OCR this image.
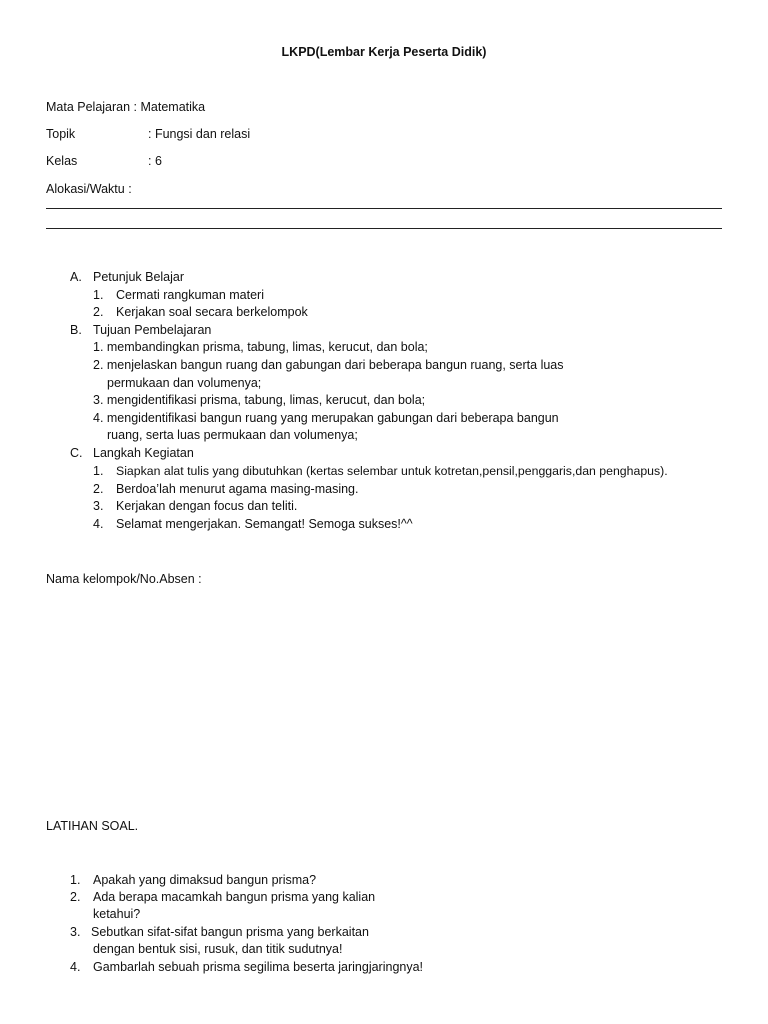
LKPD(Lembar Kerja Peserta Didik)
Mata Pelajaran : Matematika
Topik	: Fungsi dan relasi
Kelas	: 6
Alokasi/Waktu :
A. Petunjuk Belajar
1. Cermati rangkuman materi
2. Kerjakan soal secara berkelompok
B. Tujuan Pembelajaran
1. membandingkan prisma, tabung, limas, kerucut, dan bola;
2. menjelaskan bangun ruang dan gabungan dari beberapa bangun ruang, serta luas
permukaan dan volumenya;
3. mengidentifikasi prisma, tabung, limas, kerucut, dan bola;
4. mengidentifikasi bangun ruang yang merupakan gabungan dari beberapa bangun
ruang, serta luas permukaan dan volumenya;
C. Langkah Kegiatan
1. Siapkan alat tulis yang dibutuhkan (kertas selembar untuk kotretan,pensil,penggaris,dan penghapus).
2. Berdoa’lah menurut agama masing-masing.
3. Kerjakan dengan focus dan teliti.
4. Selamat mengerjakan. Semangat! Semoga sukses!^^
Nama kelompok/No.Absen :
LATIHAN SOAL.
1. Apakah yang dimaksud bangun prisma?
2. Ada berapa macamkah bangun prisma yang kalian
ketahui?
3. Sebutkan sifat-sifat bangun prisma yang berkaitan
dengan bentuk sisi, rusuk, dan titik sudutnya!
4. Gambarlah sebuah prisma segilima beserta jaringjaringnya!
